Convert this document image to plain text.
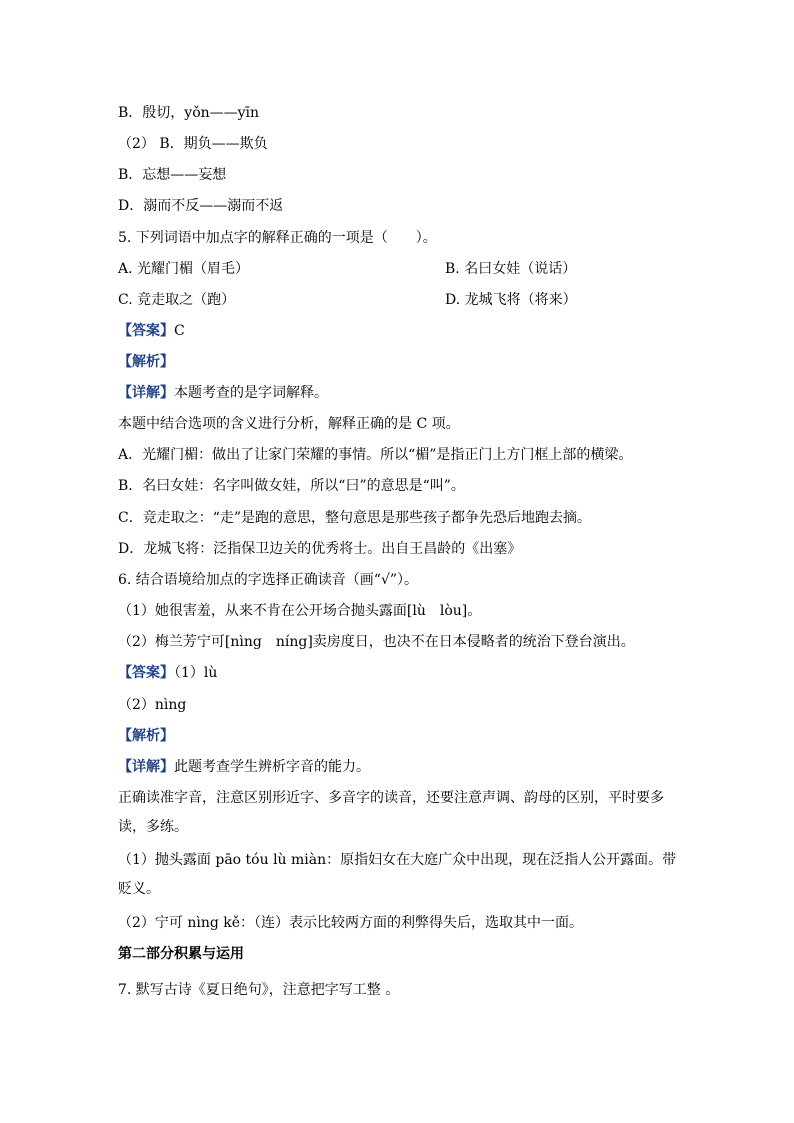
B．殷切，yǒn——yīn
（2） B．期负——欺负
B．忘想——妄想
D．溺而不反——溺而不返
5. 下列词语中加点字的解释正确的一项是（　　）。
A. 光耀门楣（眉毛）	B. 名曰女娃（说话）
C. 竞走取之（跑）	D. 龙城飞将（将来）
【答案】C
【解析】
【详解】本题考查的是字词解释。
本题中结合选项的含义进行分析，解释正确的是 C 项。
A．光耀门楣：做出了让家门荣耀的事情。所以“楣”是指正门上方门框上部的横梁。
B．名曰女娃：名字叫做女娃，所以“曰”的意思是“叫”。
C．竞走取之：“走”是跑的意思，整句意思是那些孩子都争先恐后地跑去摘。
D．龙城飞将：泛指保卫边关的优秀将士。出自王昌龄的《出塞》
6. 结合语境给加点的字选择正确读音（画“√”）。
（1）她很害羞，从来不肯在公开场合抛头露面[lù　lòu]。
（2）梅兰芳宁可[nìng　níng]卖房度日，也决不在日本侵略者的统治下登台演出。
【答案】（1）lù
（2）nìng
【解析】
【详解】此题考查学生辨析字音的能力。
正确读准字音，注意区别形近字、多音字的读音，还要注意声调、韵母的区别，平时要多读，多练。
（1）抛头露面 pāo tóu lù miàn：原指妇女在大庭广众中出现，现在泛指人公开露面。带贬义。
（2）宁可 nìng kě：（连）表示比较两方面的利弊得失后，选取其中一面。
第二部分积累与运用
7. 默写古诗《夏日绝句》，注意把字写工整 。
